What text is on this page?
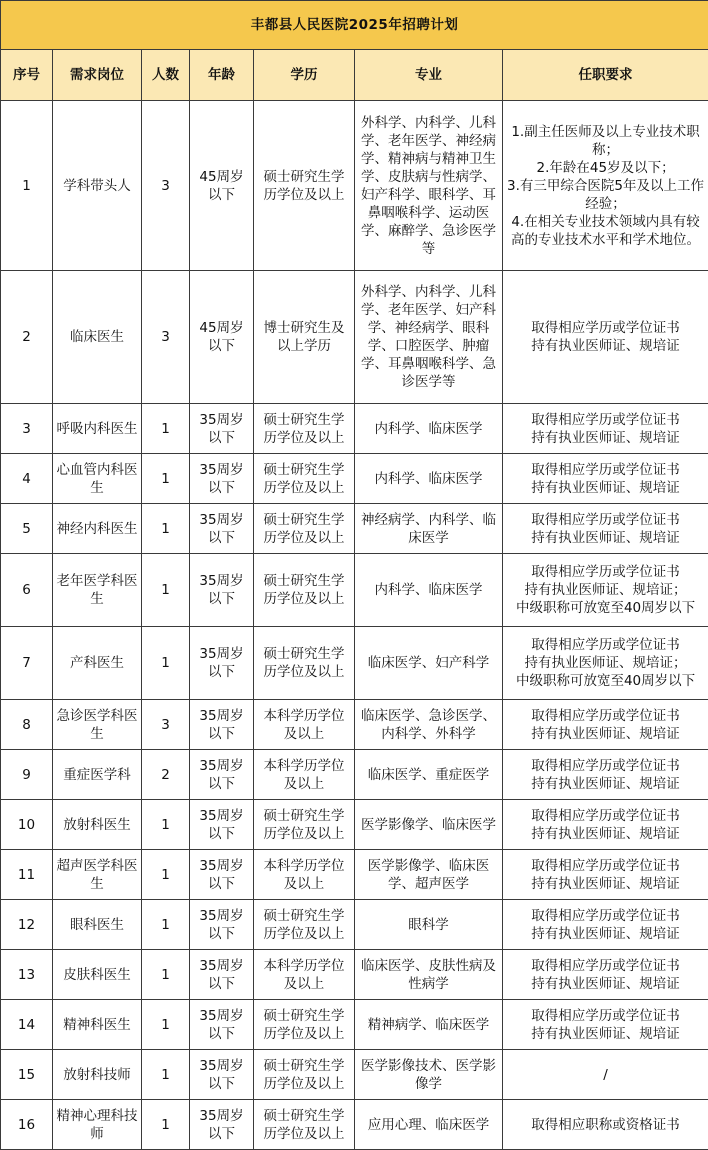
丰都县人民医院2025年招聘计划						
序号	需求岗位	人数	年龄	学历	专业	任职要求
1	学科带头人	3	45周岁以下	硕士研究生学历学位及以上	外科学、内科学、儿科学、老年医学、神经病学、精神病与精神卫生学、皮肤病与性病学、妇产科学、眼科学、耳鼻咽喉科学、运动医学、麻醉学、急诊医学等	1.副主任医师及以上专业技术职称；
2.年龄在45岁及以下；
3.有三甲综合医院5年及以上工作经验；
4.在相关专业技术领域内具有较高的专业技术水平和学术地位。

2	临床医生	3	45周岁以下	博士研究生及以上学历	外科学、内科学、儿科学、老年医学、妇产科学、神经病学、眼科学、口腔医学、肿瘤学、耳鼻咽喉科学、急诊医学等	取得相应学历或学位证书
持有执业医师证、规培证

3	呼吸内科医生	1	35周岁以下	硕士研究生学历学位及以上	内科学、临床医学	取得相应学历或学位证书
持有执业医师证、规培证

4	心血管内科医生	1	35周岁以下	硕士研究生学历学位及以上	内科学、临床医学	取得相应学历或学位证书
持有执业医师证、规培证

5	神经内科医生	1	35周岁以下	硕士研究生学历学位及以上	神经病学、内科学、临床医学	取得相应学历或学位证书
持有执业医师证、规培证

6	老年医学科医生	1	35周岁以下	硕士研究生学历学位及以上	内科学、临床医学	取得相应学历或学位证书
持有执业医师证、规培证；
中级职称可放宽至40周岁以下

7	产科医生	1	35周岁以下	硕士研究生学历学位及以上	临床医学、妇产科学	取得相应学历或学位证书
持有执业医师证、规培证；
中级职称可放宽至40周岁以下

8	急诊医学科医生	3	35周岁以下	本科学历学位及以上	临床医学、急诊医学、内科学、外科学	取得相应学历或学位证书
持有执业医师证、规培证

9	重症医学科	2	35周岁以下	本科学历学位及以上	临床医学、重症医学	取得相应学历或学位证书
持有执业医师证、规培证

10	放射科医生	1	35周岁以下	硕士研究生学历学位及以上	医学影像学、临床医学	取得相应学历或学位证书
持有执业医师证、规培证

11	超声医学科医生	1	35周岁以下	本科学历学位及以上	医学影像学、临床医学、超声医学	取得相应学历或学位证书
持有执业医师证、规培证

12	眼科医生	1	35周岁以下	硕士研究生学历学位及以上	眼科学	取得相应学历或学位证书
持有执业医师证、规培证

13	皮肤科医生	1	35周岁以下	本科学历学位及以上	临床医学、皮肤性病及性病学	取得相应学历或学位证书
持有执业医师证、规培证

14	精神科医生	1	35周岁以下	硕士研究生学历学位及以上	精神病学、临床医学	取得相应学历或学位证书
持有执业医师证、规培证

15	放射科技师	1	35周岁以下	硕士研究生学历学位及以上	医学影像技术、医学影像学	/

16	精神心理科技师	1	35周岁以下	硕士研究生学历学位及以上	应用心理、临床医学	取得相应职称或资格证书
